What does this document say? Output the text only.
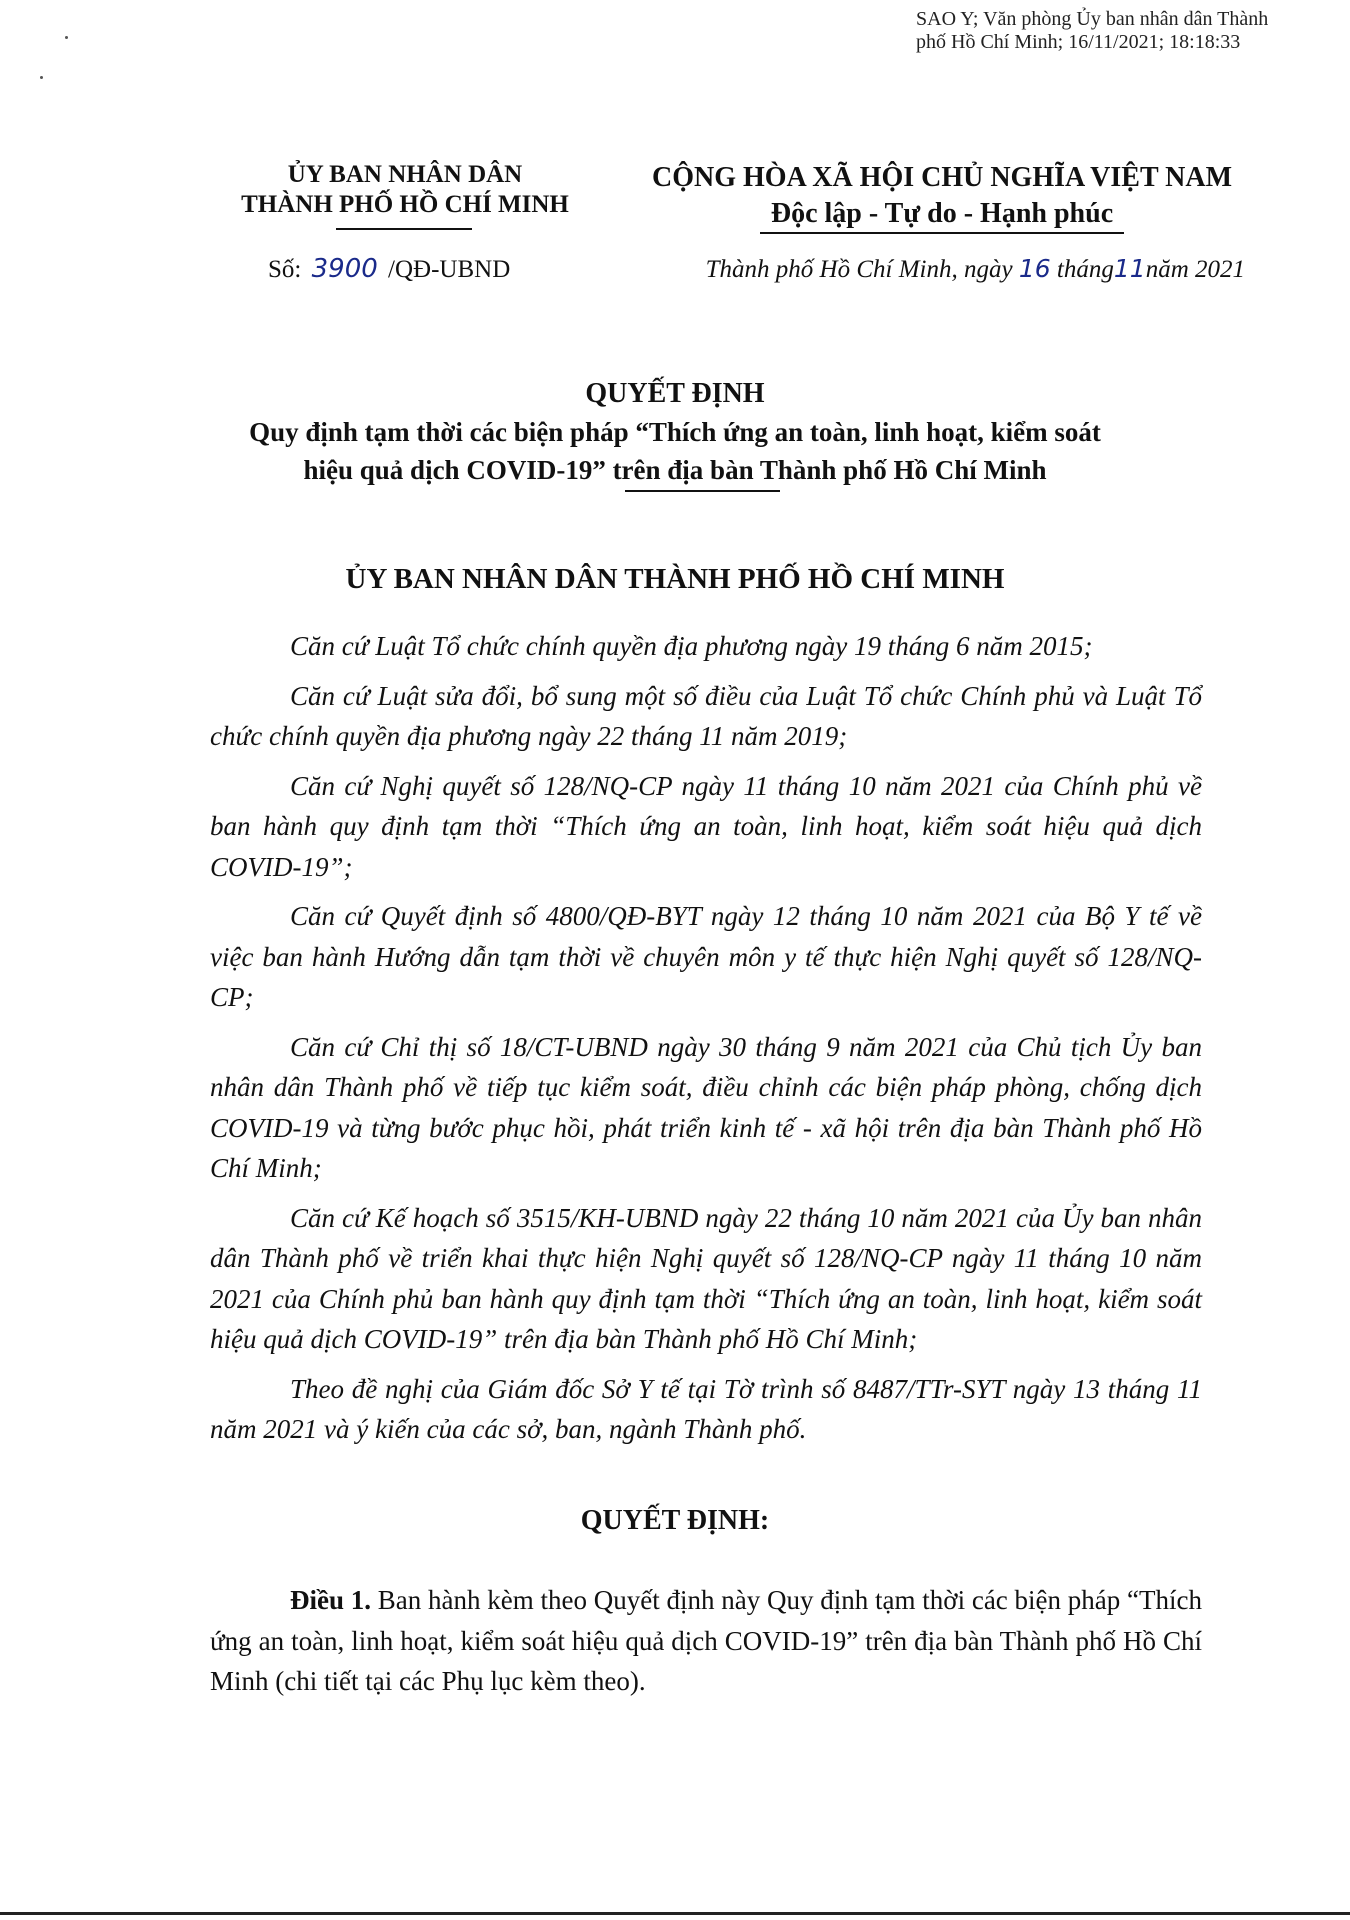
SAO Y; Văn phòng Ủy ban nhân dân Thành
phố Hồ Chí Minh; 16/11/2021; 18:18:33
ỦY BAN NHÂN DÂN
THÀNH PHỐ HỒ CHÍ MINH
CỘNG HÒA XÃ HỘI CHỦ NGHĨA VIỆT NAM
Độc lập - Tự do - Hạnh phúc
Số: 3900 /QĐ-UBND	Thành phố Hồ Chí Minh, ngày 16 tháng11năm 2021
QUYẾT ĐỊNH
Quy định tạm thời các biện pháp “Thích ứng an toàn, linh hoạt, kiểm soát
hiệu quả dịch COVID-19” trên địa bàn Thành phố Hồ Chí Minh
ỦY BAN NHÂN DÂN THÀNH PHỐ HỒ CHÍ MINH

Căn cứ Luật Tổ chức chính quyền địa phương ngày 19 tháng 6 năm 2015;

Căn cứ Luật sửa đổi, bổ sung một số điều của Luật Tổ chức Chính phủ và Luật Tổ chức chính quyền địa phương ngày 22 tháng 11 năm 2019;

Căn cứ Nghị quyết số 128/NQ-CP ngày 11 tháng 10 năm 2021 của Chính phủ về ban hành quy định tạm thời “Thích ứng an toàn, linh hoạt, kiểm soát hiệu quả dịch COVID-19”;

Căn cứ Quyết định số 4800/QĐ-BYT ngày 12 tháng 10 năm 2021 của Bộ Y tế về việc ban hành Hướng dẫn tạm thời về chuyên môn y tế thực hiện Nghị quyết số 128/NQ-CP;

Căn cứ Chỉ thị số 18/CT-UBND ngày 30 tháng 9 năm 2021 của Chủ tịch Ủy ban nhân dân Thành phố về tiếp tục kiểm soát, điều chỉnh các biện pháp phòng, chống dịch COVID-19 và từng bước phục hồi, phát triển kinh tế - xã hội trên địa bàn Thành phố Hồ Chí Minh;

Căn cứ Kế hoạch số 3515/KH-UBND ngày 22 tháng 10 năm 2021 của Ủy ban nhân dân Thành phố về triển khai thực hiện Nghị quyết số 128/NQ-CP ngày 11 tháng 10 năm 2021 của Chính phủ ban hành quy định tạm thời “Thích ứng an toàn, linh hoạt, kiểm soát hiệu quả dịch COVID-19” trên địa bàn Thành phố Hồ Chí Minh;

Theo đề nghị của Giám đốc Sở Y tế tại Tờ trình số 8487/TTr-SYT ngày 13 tháng 11 năm 2021 và ý kiến của các sở, ban, ngành Thành phố.

QUYẾT ĐỊNH:
Điều 1. Ban hành kèm theo Quyết định này Quy định tạm thời các biện pháp “Thích ứng an toàn, linh hoạt, kiểm soát hiệu quả dịch COVID-19” trên địa bàn Thành phố Hồ Chí Minh (chi tiết tại các Phụ lục kèm theo).
